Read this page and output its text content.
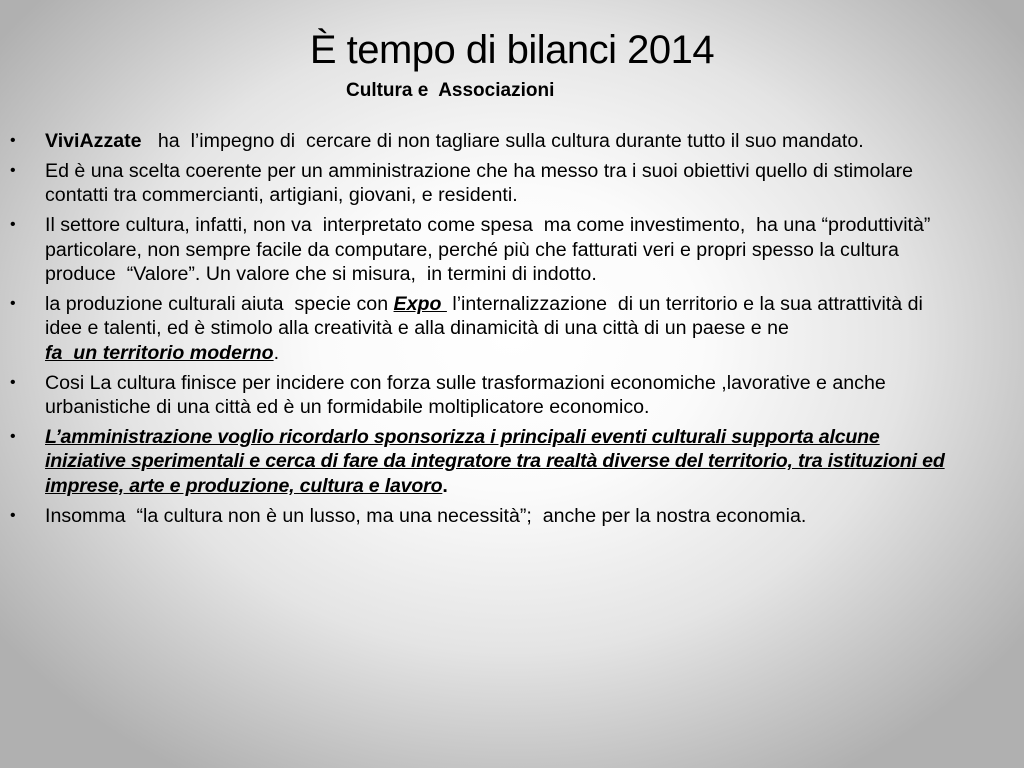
È tempo di bilanci 2014
Cultura e  Associazioni
• ViviAzzate   ha  l’impegno di  cercare di non tagliare sulla cultura durante tutto il suo mandato.
• Ed è una scelta coerente per un amministrazione che ha messo tra i suoi obiettivi quello di stimolare contatti tra commercianti, artigiani, giovani, e residenti.
• Il settore cultura, infatti, non va  interpretato come spesa  ma come investimento,  ha una “produttività” particolare, non sempre facile da computare, perché più che fatturati veri e propri spesso la cultura produce  “Valore”. Un valore che si misura,  in termini di indotto.
• la produzione culturali aiuta  specie con Expo  l’internalizzazione  di un territorio e la sua attrattività di idee e talenti, ed è stimolo alla creatività e alla dinamicità di una città di un paese e ne fa  un territorio moderno.
• Cosi La cultura finisce per incidere con forza sulle trasformazioni economiche ,lavorative e anche urbanistiche di una città ed è un formidabile moltiplicatore economico.
• L’amministrazione voglio ricordarlo sponsorizza i principali eventi culturali supporta alcune iniziative sperimentali e cerca di fare da integratore tra realtà diverse del territorio, tra istituzioni ed imprese, arte e produzione, cultura e lavoro.
• Insomma  “la cultura non è un lusso, ma una necessità”;  anche per la nostra economia.
